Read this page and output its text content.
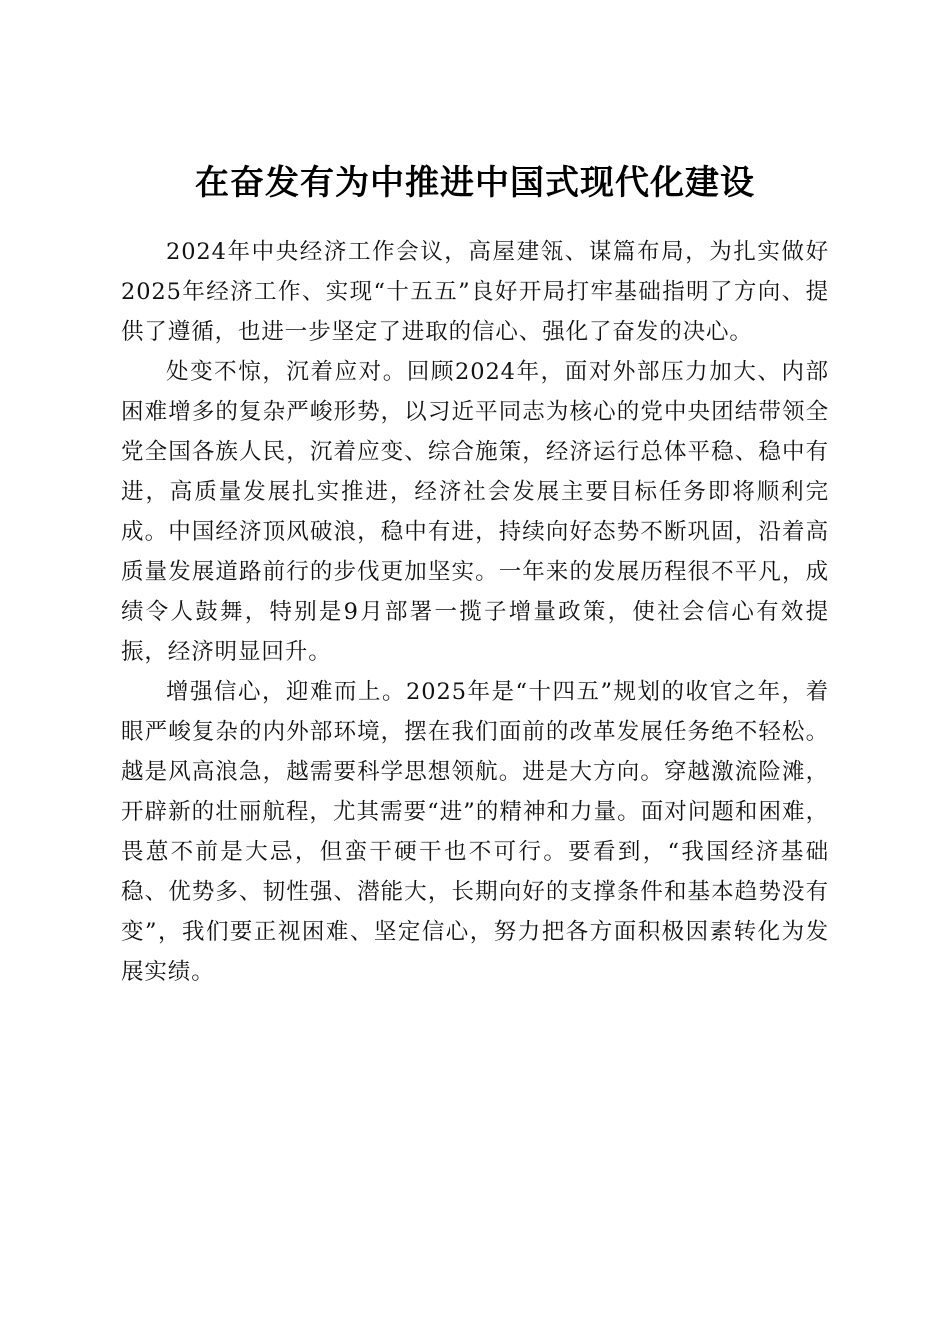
在奋发有为中推进中国式现代化建设

2024年中央经济工作会议，高屋建瓴、谋篇布局，为扎实做好2025年经济工作、实现“十五五”良好开局打牢基础指明了方向、提供了遵循，也进一步坚定了进取的信心、强化了奋发的决心。

处变不惊，沉着应对。回顾2024年，面对外部压力加大、内部困难增多的复杂严峻形势，以习近平同志为核心的党中央团结带领全党全国各族人民，沉着应变、综合施策，经济运行总体平稳、稳中有进，高质量发展扎实推进，经济社会发展主要目标任务即将顺利完成。中国经济顶风破浪，稳中有进，持续向好态势不断巩固，沿着高质量发展道路前行的步伐更加坚实。一年来的发展历程很不平凡，成绩令人鼓舞，特别是9月部署一揽子增量政策，使社会信心有效提振，经济明显回升。

增强信心，迎难而上。2025年是“十四五”规划的收官之年，着眼严峻复杂的内外部环境，摆在我们面前的改革发展任务绝不轻松。越是风高浪急，越需要科学思想领航。进是大方向。穿越激流险滩，开辟新的壮丽航程，尤其需要“进”的精神和力量。面对问题和困难，畏葸不前是大忌，但蛮干硬干也不可行。要看到，“我国经济基础稳、优势多、韧性强、潜能大，长期向好的支撑条件和基本趋势没有变”，我们要正视困难、坚定信心，努力把各方面积极因素转化为发展实绩。
